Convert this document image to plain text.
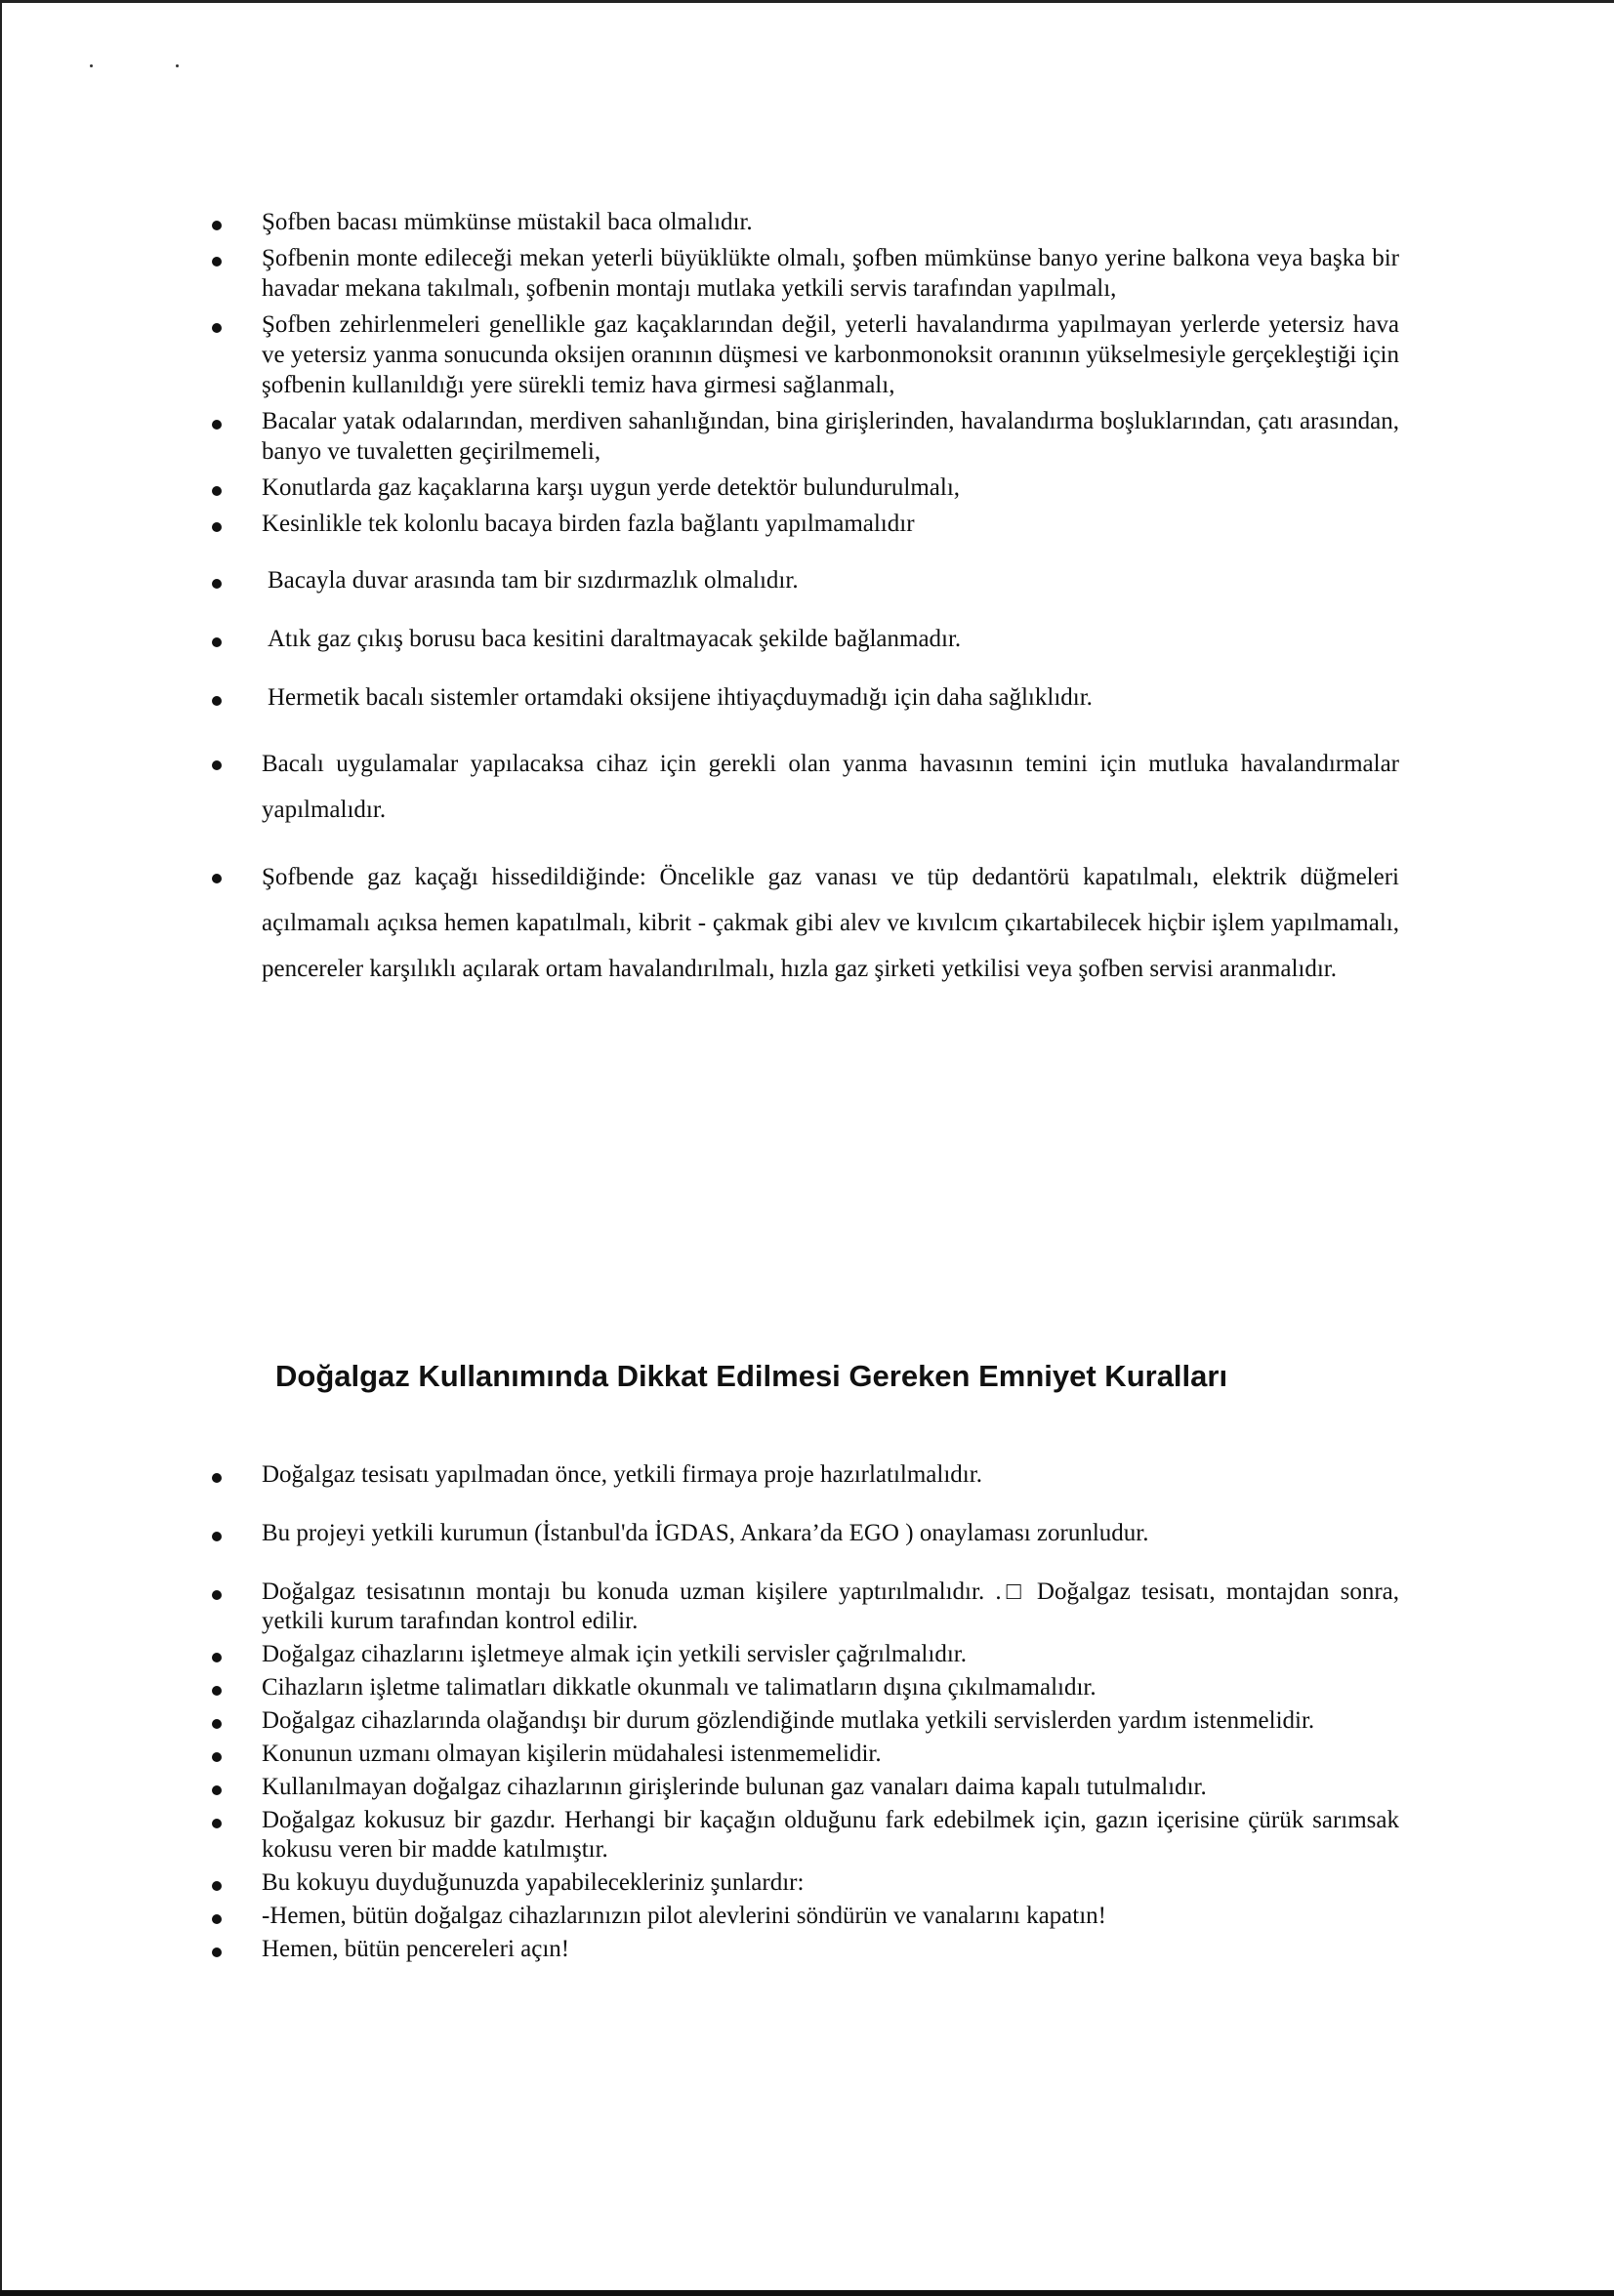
Şofben bacası mümkünse müstakil baca olmalıdır.
Şofbenin monte edileceği mekan yeterli büyüklükte olmalı, şofben mümkünse banyo yerine balkona veya başka bir havadar mekana takılmalı, şofbenin montajı mutlaka yetkili servis tarafından yapılmalı,
Şofben zehirlenmeleri genellikle gaz kaçaklarından değil, yeterli havalandırma yapılmayan yerlerde yetersiz hava ve yetersiz yanma sonucunda oksijen oranının düşmesi ve karbonmonoksit oranının yükselmesiyle gerçekleştiği için şofbenin kullanıldığı yere sürekli temiz hava girmesi sağlanmalı,
Bacalar yatak odalarından, merdiven sahanlığından, bina girişlerinden, havalandırma boşluklarından, çatı arasından, banyo ve tuvaletten geçirilmemeli,
Konutlarda gaz kaçaklarına karşı uygun yerde detektör bulundurulmalı,
Kesinlikle tek kolonlu bacaya birden fazla bağlantı yapılmamalıdır
Bacayla duvar arasında tam bir sızdırmazlık olmalıdır.
Atık gaz çıkış borusu baca kesitini daraltmayacak şekilde bağlanmadır.
Hermetik bacalı sistemler ortamdaki oksijene ihtiyaçduymadığı için daha sağlıklıdır.
Bacalı uygulamalar yapılacaksa cihaz için gerekli olan yanma havasının temini için mutluka havalandırmalar yapılmalıdır.
Şofbende gaz kaçağı hissedildiğinde: Öncelikle gaz vanası ve tüp dedantörü kapatılmalı, elektrik düğmeleri açılmamalı açıksa hemen kapatılmalı, kibrit - çakmak gibi alev ve kıvılcım çıkartabilecek hiçbir işlem yapılmamalı, pencereler karşılıklı açılarak ortam havalandırılmalı, hızla gaz şirketi yetkilisi veya şofben servisi aranmalıdır.
Doğalgaz Kullanımında Dikkat Edilmesi Gereken Emniyet Kuralları
Doğalgaz tesisatı yapılmadan önce, yetkili firmaya proje hazırlatılmalıdır.
Bu projeyi yetkili kurumun (İstanbul'da İGDAS, Ankara’da EGO ) onaylaması zorunludur.
Doğalgaz tesisatının montajı bu konuda uzman kişilere yaptırılmalıdır. .□ Doğalgaz tesisatı, montajdan sonra, yetkili kurum tarafından kontrol edilir.
Doğalgaz cihazlarını işletmeye almak için yetkili servisler çağrılmalıdır.
Cihazların işletme talimatları dikkatle okunmalı ve talimatların dışına çıkılmamalıdır.
Doğalgaz cihazlarında olağandışı bir durum gözlendiğinde mutlaka yetkili servislerden yardım istenmelidir.
Konunun uzmanı olmayan kişilerin müdahalesi istenmemelidir.
Kullanılmayan doğalgaz cihazlarının girişlerinde bulunan gaz vanaları daima kapalı tutulmalıdır.
Doğalgaz kokusuz bir gazdır. Herhangi bir kaçağın olduğunu fark edebilmek için, gazın içerisine çürük sarımsak kokusu veren bir madde katılmıştır.
Bu kokuyu duyduğunuzda yapabilecekleriniz şunlardır:
-Hemen, bütün doğalgaz cihazlarınızın pilot alevlerini söndürün ve vanalarını kapatın!
Hemen, bütün pencereleri açın!
